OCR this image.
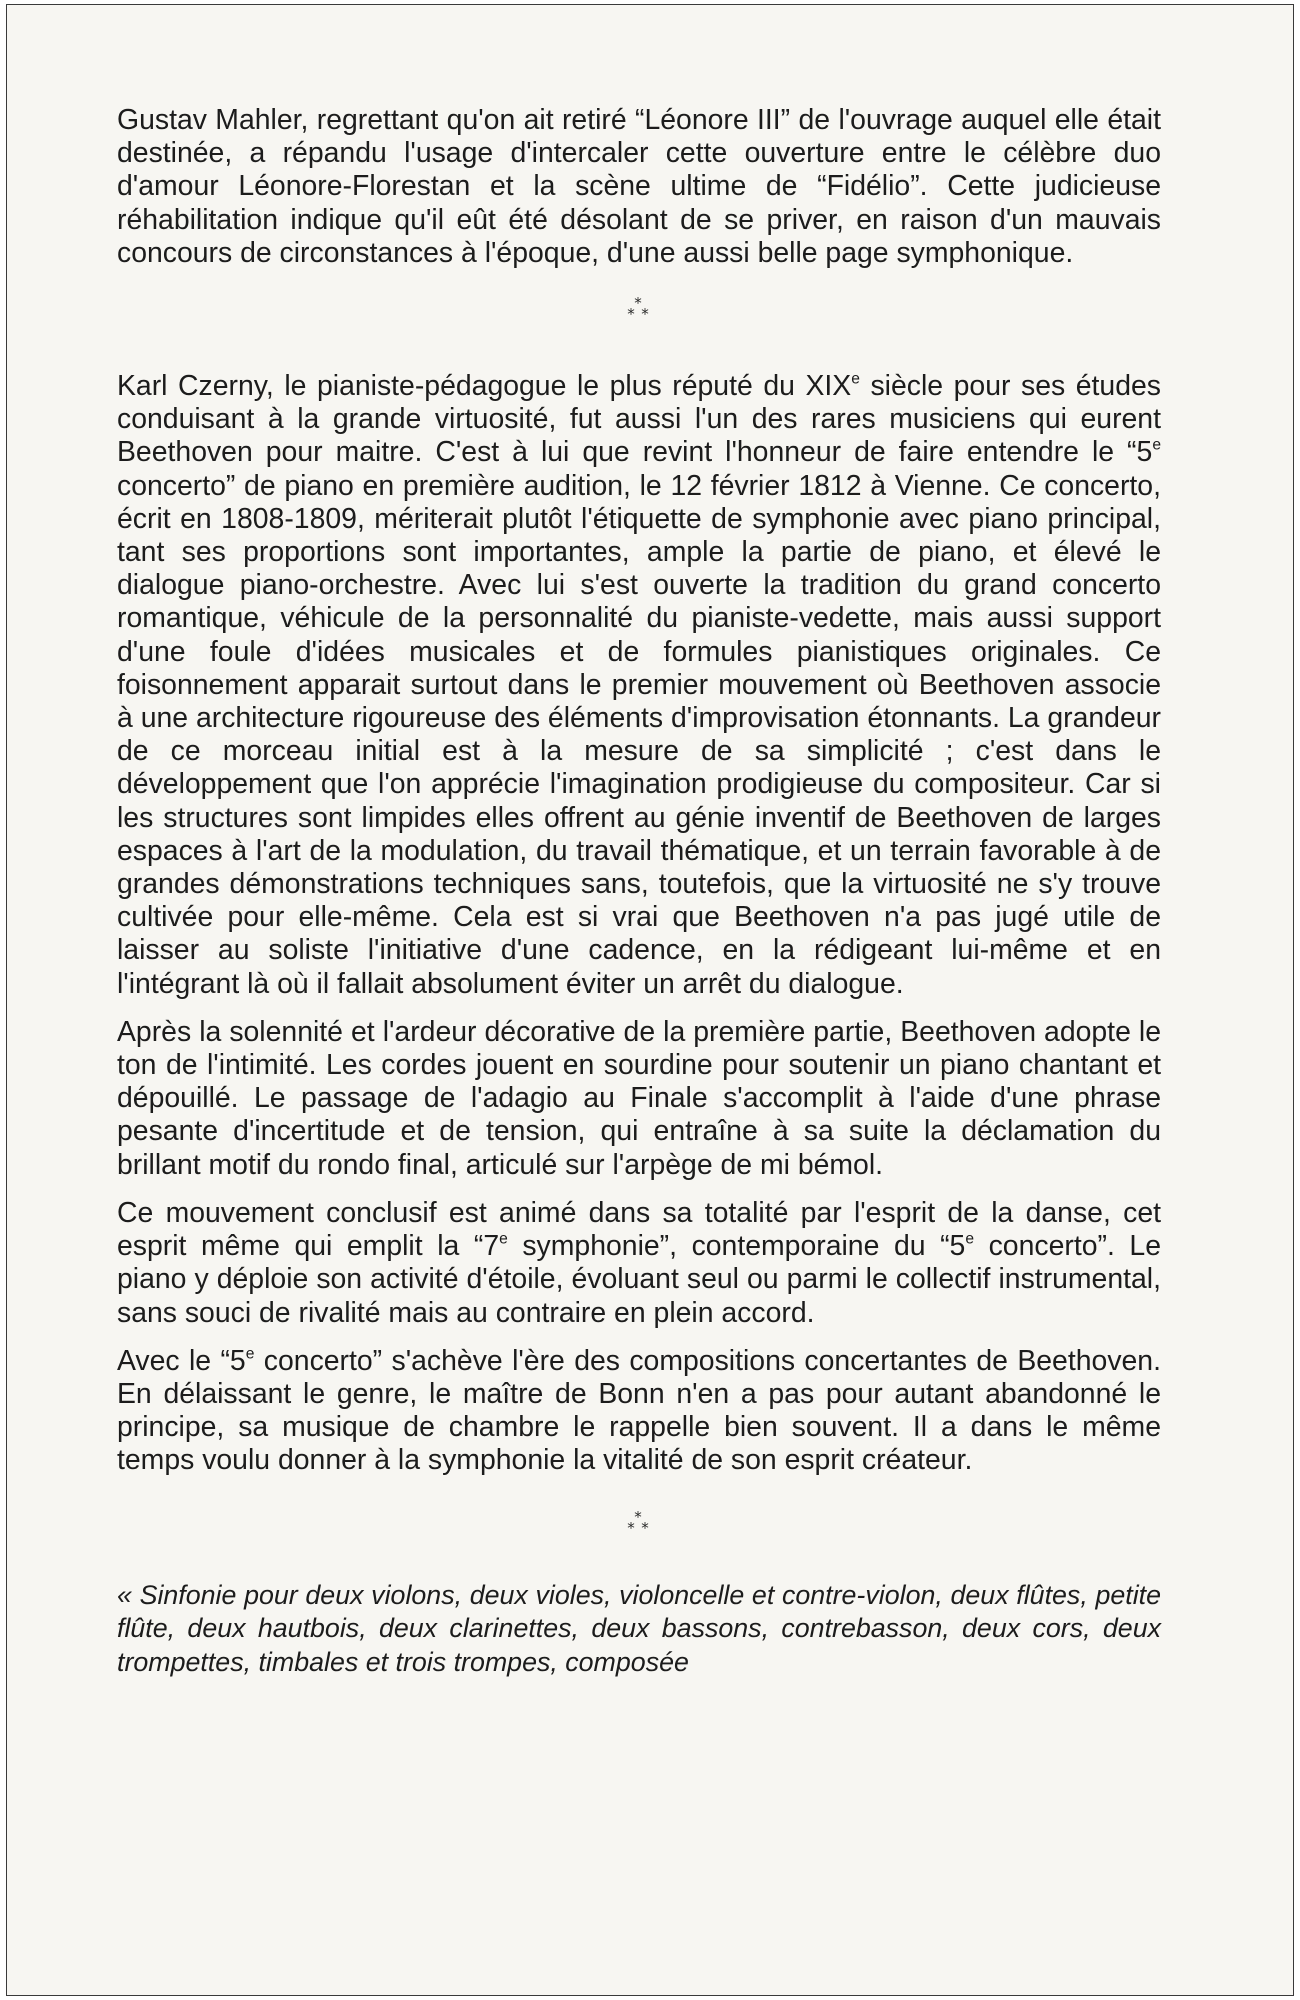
Gustav Mahler, regrettant qu'on ait retiré “Léonore III” de l'ouvrage auquel elle était destinée, a répandu l'usage d'intercaler cette ouverture entre le célèbre duo d'amour Léonore-Florestan et la scène ultime de “Fidélio”. Cette judicieuse réhabilitation indique qu'il eût été désolant de se priver, en raison d'un mauvais concours de circonstances à l'époque, d'une aussi belle page symphonique.

*
* *

Karl Czerny, le pianiste-pédagogue le plus réputé du XIXe siècle pour ses études conduisant à la grande virtuosité, fut aussi l'un des rares musiciens qui eurent Beethoven pour maitre. C'est à lui que revint l'honneur de faire entendre le “5e concerto” de piano en première audition, le 12 février 1812 à Vienne. Ce concerto, écrit en 1808-1809, mériterait plutôt l'étiquette de symphonie avec piano principal, tant ses proportions sont importantes, ample la partie de piano, et élevé le dialogue piano-orchestre. Avec lui s'est ouverte la tradition du grand concerto romantique, véhicule de la personnalité du pianiste-vedette, mais aussi support d'une foule d'idées musicales et de formules pianistiques originales. Ce foisonnement apparait surtout dans le premier mouvement où Beethoven associe à une architecture rigoureuse des éléments d'improvisation étonnants. La grandeur de ce morceau initial est à la mesure de sa simplicité ; c'est dans le développement que l'on apprécie l'imagination prodigieuse du compositeur. Car si les structures sont limpides elles offrent au génie inventif de Beethoven de larges espaces à l'art de la modulation, du travail thématique, et un terrain favorable à de grandes démonstrations techniques sans, toutefois, que la virtuosité ne s'y trouve cultivée pour elle-même. Cela est si vrai que Beethoven n'a pas jugé utile de laisser au soliste l'initiative d'une cadence, en la rédigeant lui-même et en l'intégrant là où il fallait absolument éviter un arrêt du dialogue.

Après la solennité et l'ardeur décorative de la première partie, Beethoven adopte le ton de l'intimité. Les cordes jouent en sourdine pour soutenir un piano chantant et dépouillé. Le passage de l'adagio au Finale s'accomplit à l'aide d'une phrase pesante d'incertitude et de tension, qui entraîne à sa suite la déclamation du brillant motif du rondo final, articulé sur l'arpège de mi bémol.

Ce mouvement conclusif est animé dans sa totalité par l'esprit de la danse, cet esprit même qui emplit la “7e symphonie”, contemporaine du “5e concerto”. Le piano y déploie son activité d'étoile, évoluant seul ou parmi le collectif instrumental, sans souci de rivalité mais au contraire en plein accord.

Avec le “5e concerto” s'achève l'ère des compositions concertantes de Beethoven. En délaissant le genre, le maître de Bonn n'en a pas pour autant abandonné le principe, sa musique de chambre le rappelle bien souvent. Il a dans le même temps voulu donner à la symphonie la vitalité de son esprit créateur.

*
* *

« Sinfonie pour deux violons, deux violes, violoncelle et contre-violon, deux flûtes, petite flûte, deux hautbois, deux clarinettes, deux bassons, contrebasson, deux cors, deux trompettes, timbales et trois trompes, composée
